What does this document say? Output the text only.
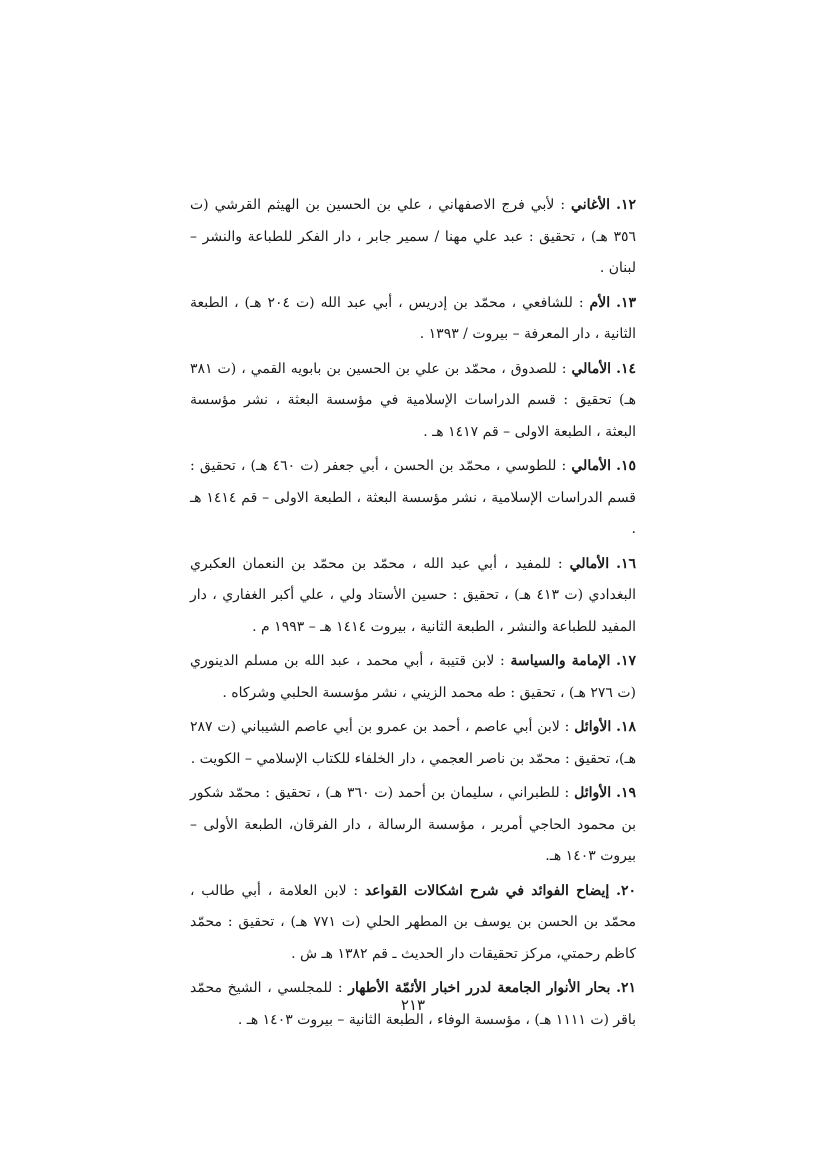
١٢. الأغاني : لأبي فرج الاصفهاني ، علي بن الحسين بن الهيثم القرشي (ت ٣٥٦ هـ) ، تحقيق : عبد علي مهنا / سمير جابر ، دار الفكر للطباعة والنشر – لبنان .

١٣. الأم : للشافعي ، محمّد بن إدريس ، أبي عبد الله (ت ٢٠٤ هـ) ، الطبعة الثانية ، دار المعرفة – بيروت / ١٣٩٣ .

١٤. الأمالي : للصدوق ، محمّد بن علي بن الحسين بن بابويه القمي ، (ت ٣٨١ هـ) تحقيق : قسم الدراسات الإسلامية في مؤسسة البعثة ، نشر مؤسسة البعثة ، الطبعة الاولى – قم ١٤١٧ هـ .

١٥. الأمالي : للطوسي ، محمّد بن الحسن ، أبي جعفر (ت ٤٦٠ هـ) ، تحقيق : قسم الدراسات الإسلامية ، نشر مؤسسة البعثة ، الطبعة الاولى – قم ١٤١٤ هـ .

١٦. الأمالي : للمفيد ، أبي عبد الله ، محمّد بن محمّد بن النعمان العكبري البغدادي (ت ٤١٣ هـ) ، تحقيق : حسين الأستاد ولي ، علي أكبر الغفاري ، دار المفيد للطباعة والنشر ، الطبعة الثانية ، بيروت ١٤١٤ هـ – ١٩٩٣ م .

١٧. الإمامة والسياسة : لابن قتيبة ، أبي محمد ، عبد الله بن مسلم الدينوري (ت ٢٧٦ هـ) ، تحقيق : طه محمد الزيني ، نشر مؤسسة الحلبي وشركاه .

١٨. الأوائل : لابن أبي عاصم ، أحمد بن عمرو بن أبي عاصم الشيباني (ت ٢٨٧ هـ)، تحقيق : محمّد بن ناصر العجمي ، دار الخلفاء للكتاب الإسلامي – الكويت .

١٩. الأوائل : للطبراني ، سليمان بن أحمد (ت ٣٦٠ هـ) ، تحقيق : محمّد شكور بن محمود الحاجي أمرير ، مؤسسة الرسالة ، دار الفرقان، الطبعة الأولى – بيروت ١٤٠٣ هـ.

٢٠. إيضاح الفوائد في شرح اشكالات القواعد : لابن العلامة ، أبي طالب ، محمّد بن الحسن بن يوسف بن المطهر الحلي (ت ٧٧١ هـ) ، تحقيق : محمّد كاظم رحمتي، مركز تحقيقات دار الحديث ـ قم ١٣٨٢ هـ ش .

٢١. بحار الأنوار الجامعة لدرر اخبار الأئمّة الأطهار : للمجلسي ، الشيخ محمّد باقر (ت ١١١١ هـ) ، مؤسسة الوفاء ، الطبعة الثانية – بيروت ١٤٠٣ هـ .

٢١٣
